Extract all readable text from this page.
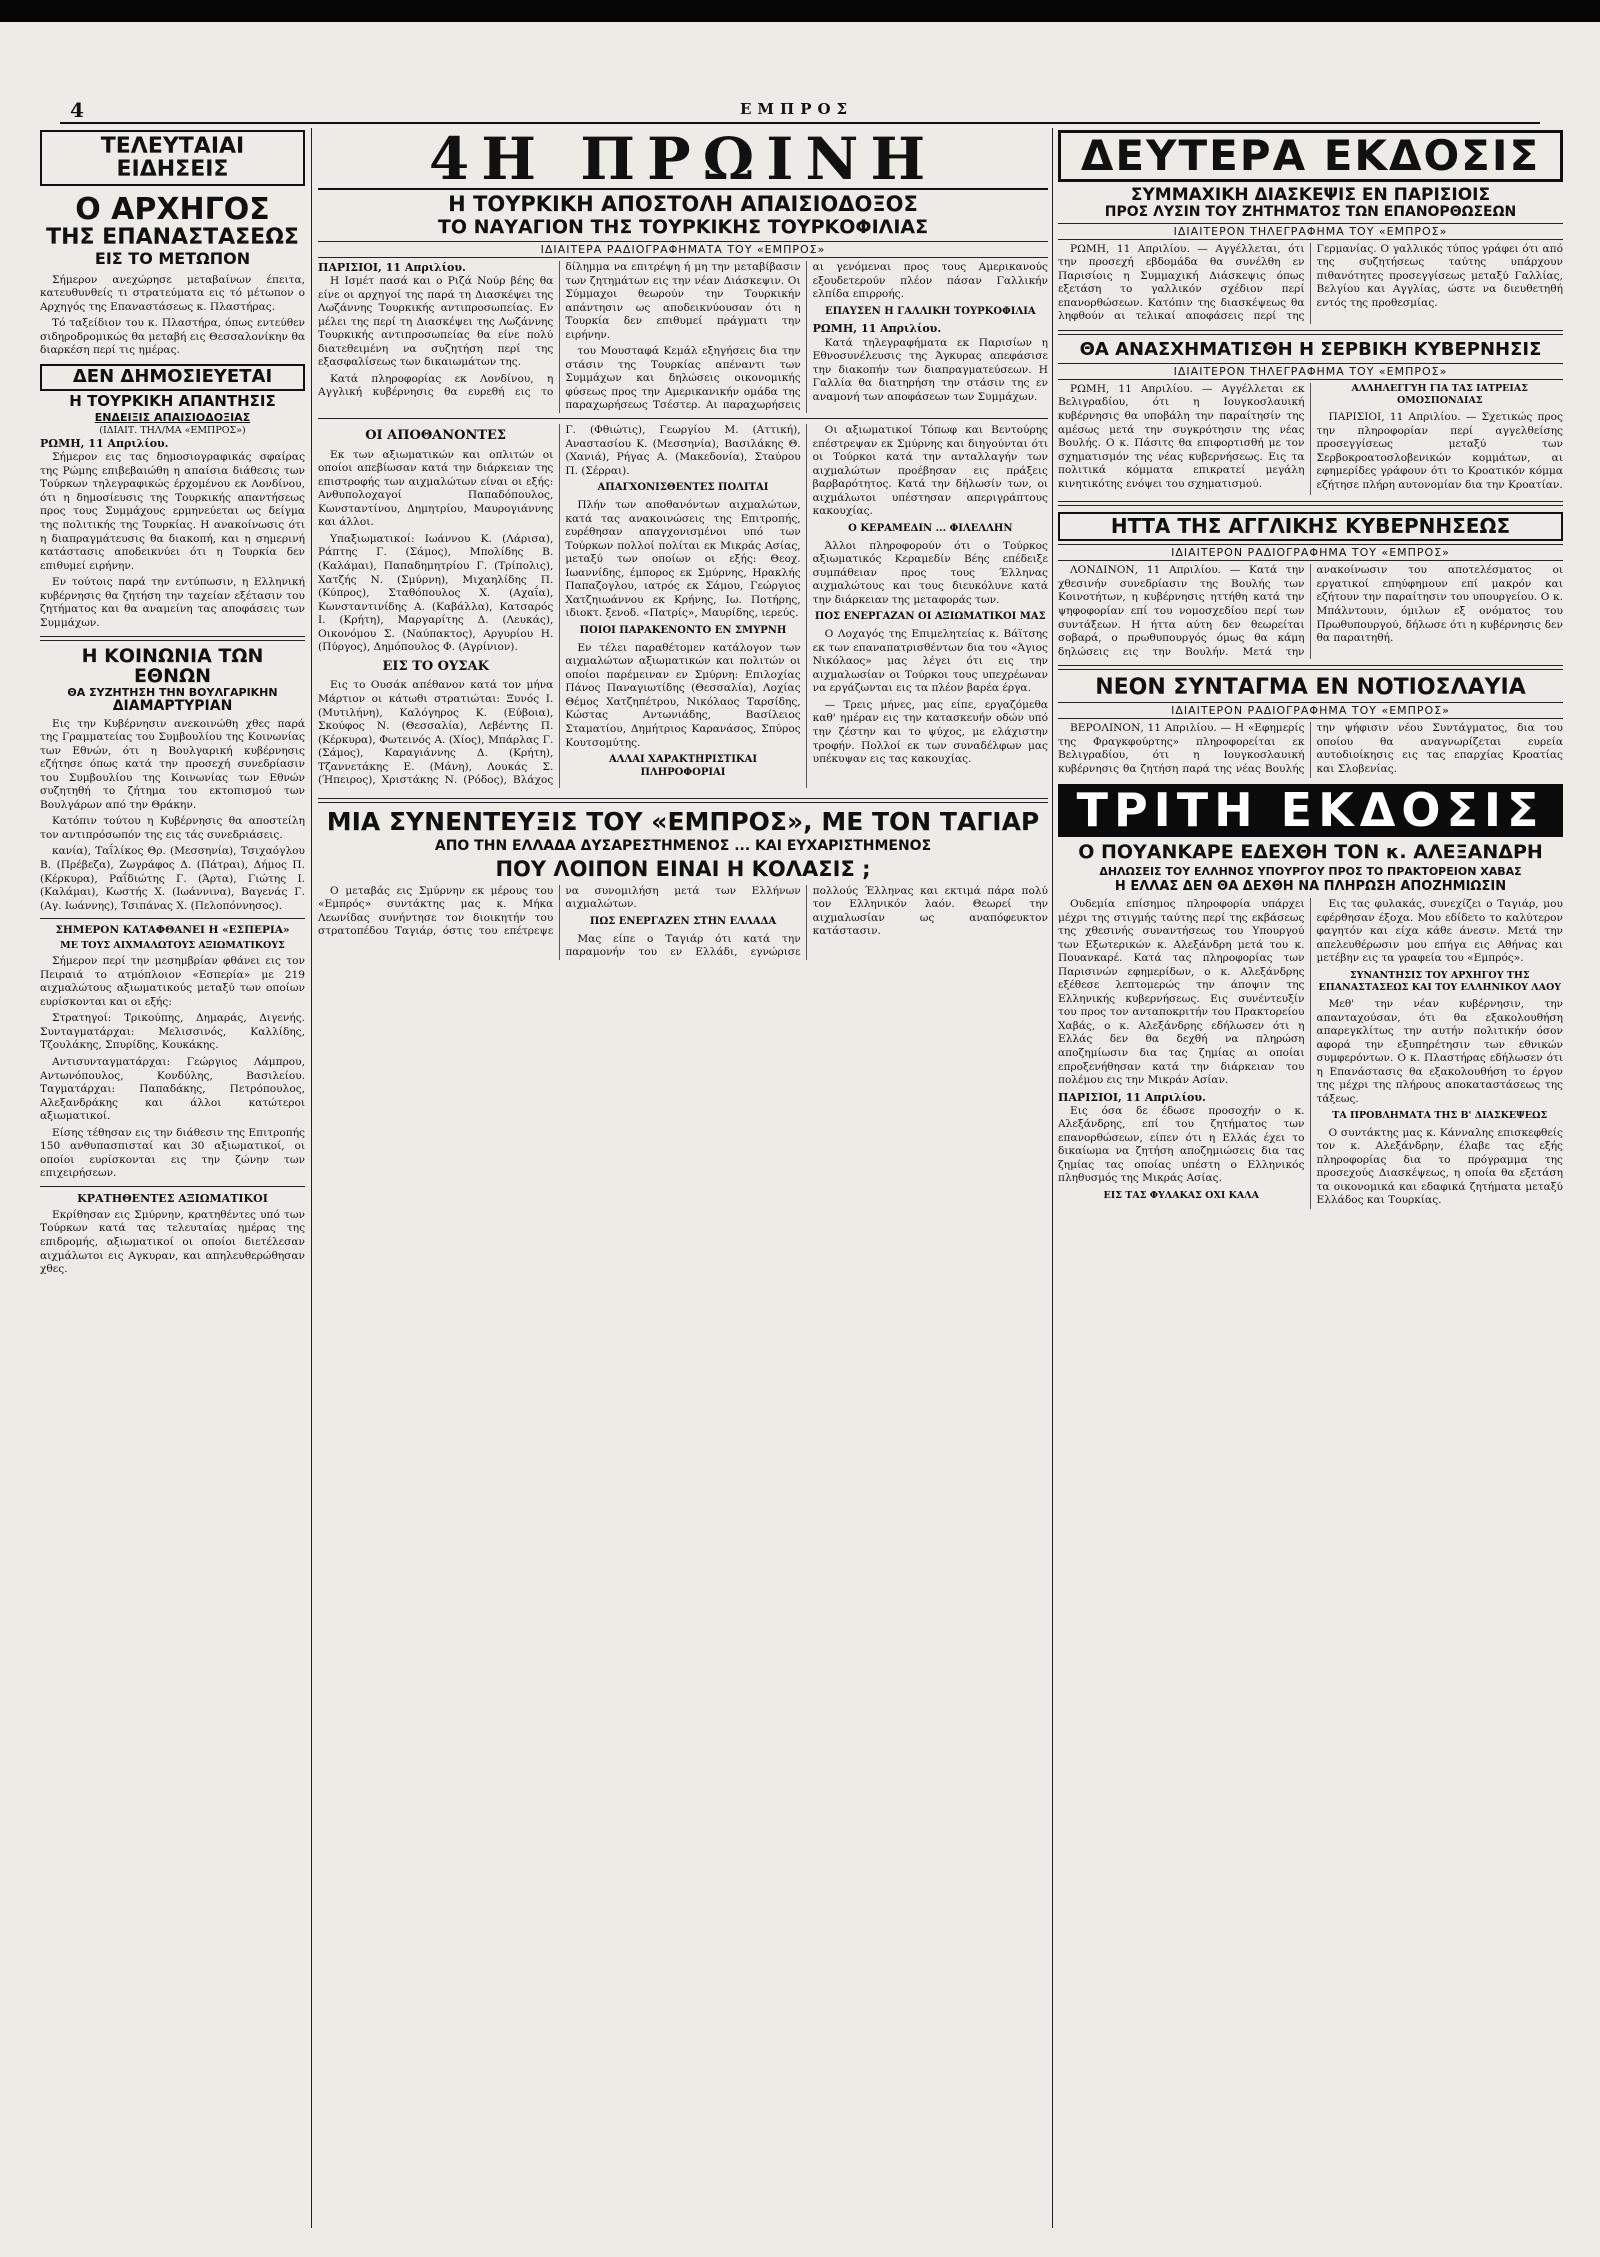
4	ΕΜΠΡΟΣ
ΤΕΛΕΥΤΑΙΑΙ ΕΙΔΗΣΕΙΣ
Ο ΑΡΧΗΓΟΣ
ΤΗΣ ΕΠΑΝΑΣΤΑΣΕΩΣ
ΕΙΣ ΤΟ ΜΕΤΩΠΟΝ

Σήμερον ανεχώρησε μεταβαίνων έπειτα, κατευθυνθείς τι στρατεύματα εις τό μέτωπον ο Αρχηγός της Επαναστάσεως κ. Πλαστήρας.

Τό ταξείδιον του κ. Πλαστήρα, όπως εντεύθεν σιδηροδρομικώς θα μεταβή εις Θεσσαλονίκην θα διαρκέση περί τις ημέρας.

ΔΕΝ ΔΗΜΟΣΙΕΥΕΤΑΙ
Η ΤΟΥΡΚΙΚΗ ΑΠΑΝΤΗΣΙΣ
ΕΝΔΕΙΞΙΣ ΑΠΑΙΣΙΟΔΟΞΙΑΣ
(ΙΔΙΑΙΤ. ΤΗΛ/ΜΑ «ΕΜΠΡΟΣ»)
ΡΩΜΗ, 11 Απριλίου.

Σήμερον εις τας δημοσιογραφικάς σφαίρας της Ρώμης επιβεβαιώθη η απαίσια διάθεσις των Τούρκων τηλεγραφικώς έρχομένου εκ Λονδίνου, ότι η δημοσίευσις της Τουρκικής απαντήσεως προς τους Συμμάχους ερμηνεύεται ως δείγμα της πολιτικής της Τουρκίας. Η ανακοίνωσις ότι η διαπραγμάτευσις θα διακοπή, και η σημερινή κατάστασις αποδεικνύει ότι η Τουρκία δεν επιθυμεί ειρήνην.

Εν τούτοις παρά την εντύπωσιν, η Ελληνική κυβέρνησις θα ζητήση την ταχείαν εξέτασιν του ζητήματος και θα αναμείνη τας αποφάσεις των Συμμάχων.

Η ΚΟΙΝΩΝΙΑ ΤΩΝ ΕΘΝΩΝ
ΘΑ ΣΥΖΗΤΗΣΗ ΤΗΝ ΒΟΥΛΓΑΡΙΚΗΝ
ΔΙΑΜΑΡΤΥΡΙΑΝ

Εις την Κυβέρνησιν ανεκοινώθη χθες παρά της Γραμματείας του Συμβουλίου της Κοινωνίας των Εθνών, ότι η Βουλγαρική κυβέρνησις εζήτησε όπως κατά την προσεχή συνεδρίασιν του Συμβουλίου της Κοινωνίας των Εθνών συζητηθή το ζήτημα του εκτοπισμού των Βουλγάρων από την Θράκην.

Κατόπιν τούτου η Κυβέρνησις θα αποστείλη τον αντιπρόσωπόν της εις τάς συνεδριάσεις.

κανία), Ταΐλίκος Θρ. (Μεσσηνία), Τσιχαόγλου Β. (Πρέβεζα), Ζωγράφος Δ. (Πάτραι), Δήμος Π. (Κέρκυρα), Ραΐδιώτης Γ. (Άρτα), Γιώτης Ι. (Καλάμαι), Κωστής Χ. (Ιωάννινα), Βαγενάς Γ. (Αγ. Ιωάννης), Τσιπάνας Χ. (Πελοπόννησος).

ΣΗΜΕΡΟΝ ΚΑΤΑΦΘΑΝΕΙ Η «ΕΣΠΕΡΙΑ»
ΜΕ ΤΟΥΣ ΑΙΧΜΑΛΩΤΟΥΣ ΑΞΙΩΜΑΤΙΚΟΥΣ

Σήμερον περί την μεσημβρίαν φθάνει εις τον Πειραιά το ατμόπλοιον «Εσπερία» με 219 αιχμαλώτους αξιωματικούς μεταξύ των οποίων ευρίσκονται και οι εξής:

Στρατηγοί: Τρικούπης, Δημαράς, Διγενής. Συνταγματάρχαι: Μελισσινός, Καλλίδης, Τζουλάκης, Σπυρίδης, Κουκάκης.

Αντισυνταγματάρχαι: Γεώργιος Λάμπρου, Αντωνόπουλος, Κονδύλης, Βασιλείου. Ταγματάρχαι: Παπαδάκης, Πετρόπουλος, Αλεξανδράκης και άλλοι κατώτεροι αξιωματικοί.

Είσης τέθησαν εις την διάθεσιν της Επιτροπής 150 ανθυπασπισταί και 30 αξιωματικοί, οι οποίοι ευρίσκονται εις την ζώνην των επιχειρήσεων.

ΚΡΑΤΗΘΕΝΤΕΣ ΑΞΙΩΜΑΤΙΚΟΙ

Εκρίθησαν εις Σμύρνην, κρατηθέντες υπό των Τούρκων κατά τας τελευταίας ημέρας της επιδρομής, αξιωματικοί οι οποίοι διετέλεσαν αιχμάλωτοι εις Αγκυραν, και απηλευθερώθησαν χθες.

4Η ΠΡΩΙΝΗ
Η ΤΟΥΡΚΙΚΗ ΑΠΟΣΤΟΛΗ ΑΠΑΙΣΙΟΔΟΞΟΣ
ΤΟ ΝΑΥΑΓΙΟΝ ΤΗΣ ΤΟΥΡΚΙΚΗΣ ΤΟΥΡΚΟΦΙΛΙΑΣ
ΙΔΙΑΙΤΕΡΑ ΡΑΔΙΟΓΡΑΦΗΜΑΤΑ ΤΟΥ «ΕΜΠΡΟΣ»
ΠΑΡΙΣΙΟΙ, 11 Απριλίου.

Η Ισμέτ πασά και ο Ριζά Νούρ βέης θα είνε οι αρχηγοί της παρά τη Διασκέψει της Λωζάννης Τουρκικής αντιπροσωπείας. Εν μέλει της περί τη Διασκέψει της Λωζάννης Τουρκικής αντιπροσωπείας θα είνε πολύ διατεθειμένη να συζητήση περί της εξασφαλίσεως των δικαιωμάτων της.

Κατά πληροφορίας εκ Λονδίνου, η Αγγλική κυβέρνησις θα ευρεθή εις το δίλημμα να επιτρέψη ή μη την μεταβίβασιν των ζητημάτων εις την νέαν Διάσκεψιν. Οι Σύμμαχοι θεωρούν την Τουρκικήν απάντησιν ως αποδεικνύουσαν ότι η Τουρκία δεν επιθυμεί πράγματι την ειρήνην.

του Μουσταφά Κεμάλ εξηγήσεις δια την στάσιν της Τουρκίας απέναντι των Συμμάχων και δηλώσεις οικονομικής φύσεως προς την Αμερικανικήν ομάδα της παραχωρήσεως Τσέστερ. Αι παραχωρήσεις αι γενόμεναι προς τους Αμερικανούς εξουδετερούν πλέον πάσαν Γαλλικήν ελπίδα επιρροής.

ΕΠΑΥΣΕΝ Η ΓΑΛΛΙΚΗ ΤΟΥΡΚΟΦΙΛΙΑ
ΡΩΜΗ, 11 Απριλίου.

Κατά τηλεγραφήματα εκ Παρισίων η Εθνοσυνέλευσις της Άγκυρας απεφάσισε την διακοπήν των διαπραγματεύσεων. Η Γαλλία θα διατηρήση την στάσιν της εν αναμονή των αποφάσεων των Συμμάχων.

ΟΙ ΑΠΟΘΑΝΟΝΤΕΣ

Εκ των αξιωματικών και οπλιτών οι οποίοι απεβίωσαν κατά την διάρκειαν της επιστροφής των αιχμαλώτων είναι οι εξής: Ανθυπολοχαγοί Παπαδόπουλος, Κωνσταντίνου, Δημητρίου, Μαυρογιάννης και άλλοι.

Υπαξιωματικοί: Ιωάννου Κ. (Λάρισα), Ράπτης Γ. (Σάμος), Μπολίδης Β. (Καλάμαι), Παπαδημητρίου Γ. (Τρίπολις), Χατζής Ν. (Σμύρνη), Μιχαηλίδης Π. (Κύπρος), Σταθόπουλος Χ. (Αχαΐα), Κωνσταντινίδης Α. (Καβάλλα), Κατσαρός Ι. (Κρήτη), Μαργαρίτης Δ. (Λευκάς), Οικονόμου Σ. (Ναύπακτος), Αργυρίου Η. (Πύργος), Δημόπουλος Φ. (Αγρίνιον).

ΕΙΣ ΤΟ ΟΥΣΑΚ

Εις το Ουσάκ απέθανον κατά τον μήνα Μάρτιον οι κάτωθι στρατιώται: Ξυνός Ι. (Μυτιλήνη), Καλόγηρος Κ. (Εύβοια), Σκούφος Ν. (Θεσσαλία), Λεβέντης Π. (Κέρκυρα), Φωτεινός Α. (Χίος), Μπάρλας Γ. (Σάμος), Καραγιάννης Δ. (Κρήτη), Τζαννετάκης Ε. (Μάνη), Λουκάς Σ. (Ήπειρος), Χριστάκης Ν. (Ρόδος), Βλάχος Γ. (Φθιώτις), Γεωργίου Μ. (Αττική), Αναστασίου Κ. (Μεσσηνία), Βασιλάκης Θ. (Χανιά), Ρήγας Α. (Μακεδονία), Σταύρου Π. (Σέρραι).

ΑΠΑΓΧΟΝΙΣΘΕΝΤΕΣ ΠΟΛΙΤΑΙ

Πλήν των αποθανόντων αιχμαλώτων, κατά τας ανακοινώσεις της Επιτροπής, ευρέθησαν απαγχονισμένοι υπό των Τούρκων πολλοί πολίται εκ Μικράς Ασίας, μεταξύ των οποίων οι εξής: Θεοχ. Ιωαννίδης, έμπορος εκ Σμύρνης, Ηρακλής Παπαζογλου, ιατρός εκ Σάμου, Γεώργιος Χατζηιωάννου εκ Κρήνης, Ιω. Ποτήρης, ιδιοκτ. ξενοδ. «Πατρίς», Μαυρίδης, ιερεύς.

ΠΟΙΟΙ ΠΑΡΑΚΕΝΟΝΤΟ ΕΝ ΣΜΥΡΝΗ

Εν τέλει παραθέτομεν κατάλογον των αιχμαλώτων αξιωματικών και πολιτών οι οποίοι παρέμειναν εν Σμύρνη: Επιλοχίας Πάνος Παναγιωτίδης (Θεσσαλία), Λοχίας Θέμος Χατζηπέτρου, Νικόλαος Ταρσίδης, Κώστας Αντωνιάδης, Βασίλειος Σταματίου, Δημήτριος Καρανάσος, Σπύρος Κουτσομύτης.

ΑΛΛΑΙ ΧΑΡΑΚΤΗΡΙΣΤΙΚΑΙ ΠΛΗΡΟΦΟΡΙΑΙ

Οι αξιωματικοί Τόπωφ και Βεντούρης επέστρεψαν εκ Σμύρνης και διηγούνται ότι οι Τούρκοι κατά την ανταλλαγήν των αιχμαλώτων προέβησαν εις πράξεις βαρβαρότητος. Κατά την δήλωσίν των, οι αιχμάλωτοι υπέστησαν απεριγράπτους κακουχίας.

Ο ΚΕΡΑΜΕΔΙΝ ... ΦΙΛΕΛΛΗΝ

Άλλοι πληροφορούν ότι ο Τούρκος αξιωματικός Κεραμεδίν Βέης επέδειξε συμπάθειαν προς τους Έλληνας αιχμαλώτους και τους διευκόλυνε κατά την διάρκειαν της μεταφοράς των.

ΠΟΣ ΕΝΕΡΓΑΖΑΝ ΟΙ ΑΞΙΩΜΑΤΙΚΟΙ ΜΑΣ

Ο Λοχαγός της Επιμελητείας κ. Βάϊτσης εκ των επαναπατρισθέντων δια του «Άγιος Νικόλαος» μας λέγει ότι εις την αιχμαλωσίαν οι Τούρκοι τους υπεχρέωναν να εργάζωνται εις τα πλέον βαρέα έργα.

— Τρεις μήνες, μας είπε, εργαζόμεθα καθ' ημέραν εις την κατασκευήν οδών υπό την ζέστην και το ψύχος, με ελάχιστην τροφήν. Πολλοί εκ των συναδέλφων μας υπέκυψαν εις τας κακουχίας.

ΜΙΑ ΣΥΝΕΝΤΕΥΞΙΣ ΤΟΥ «ΕΜΠΡΟΣ», ΜΕ ΤΟΝ ΤΑΓΙΑΡ
ΑΠΟ ΤΗΝ ΕΛΛΑΔΑ ΔΥΣΑΡΕΣΤΗΜΕΝΟΣ ... ΚΑΙ ΕΥΧΑΡΙΣΤΗΜΕΝΟΣ
ΠΟΥ ΛΟΙΠΟΝ ΕΙΝΑΙ Η ΚΟΛΑΣΙΣ ;

Ο μεταβάς εις Σμύρνην εκ μέρους του «Εμπρός» συντάκτης μας κ. Μήκα Λεωνίδας συνήντησε τον διοικητήν του στρατοπέδου Ταγιάρ, όστις του επέτρεψε να συνομιλήση μετά των Ελλήνων αιχμαλώτων.

ΠΩΣ ΕΝΕΡΓΑΖΕΝ ΣΤΗΝ ΕΛΛΑΔΑ

Μας είπε ο Ταγιάρ ότι κατά την παραμονήν του εν Ελλάδι, εγνώρισε πολλούς Έλληνας και εκτιμά πάρα πολύ τον Ελληνικόν λαόν. Θεωρεί την αιχμαλωσίαν ως αναπόφευκτον κατάστασιν.

ΔΕΥΤΕΡΑ ΕΚΔΟΣΙΣ
ΣΥΜΜΑΧΙΚΗ ΔΙΑΣΚΕΨΙΣ ΕΝ ΠΑΡΙΣΙΟΙΣ
ΠΡΟΣ ΛΥΣΙΝ ΤΟΥ ΖΗΤΗΜΑΤΟΣ ΤΩΝ ΕΠΑΝΟΡΘΩΣΕΩΝ
ΙΔΙΑΙΤΕΡΟΝ ΤΗΛΕΓΡΑΦΗΜΑ ΤΟΥ «ΕΜΠΡΟΣ»

ΡΩΜΗ, 11 Απριλίου. — Αγγέλλεται, ότι την προσεχή εβδομάδα θα συνέλθη εν Παρισίοις η Συμμαχική Διάσκεψις όπως εξετάση το γαλλικόν σχέδιον περί επανορθώσεων. Κατόπιν της διασκέψεως θα ληφθούν αι τελικαί αποφάσεις περί της Γερμανίας. Ο γαλλικός τύπος γράφει ότι από της συζητήσεως ταύτης υπάρχουν πιθανότητες προσεγγίσεως μεταξύ Γαλλίας, Βελγίου και Αγγλίας, ώστε να διευθετηθή εντός της προθεσμίας.

ΘΑ ΑΝΑΣΧΗΜΑΤΙΣΘΗ Η ΣΕΡΒΙΚΗ ΚΥΒΕΡΝΗΣΙΣ
ΙΔΙΑΙΤΕΡΟΝ ΤΗΛΕΓΡΑΦΗΜΑ ΤΟΥ «ΕΜΠΡΟΣ»

ΡΩΜΗ, 11 Απριλίου. — Αγγέλλεται εκ Βελιγραδίου, ότι η Ιουγκοσλαυική κυβέρνησις θα υποβάλη την παραίτησίν της αμέσως μετά την συγκρότησιν της νέας Βουλής. Ο κ. Πάσιτς θα επιφορτισθή με τον σχηματισμόν της νέας κυβερνήσεως. Εις τα πολιτικά κόμματα επικρατεί μεγάλη κινητικότης ενόψει του σχηματισμού.

ΑΛΛΗΛΕΓΓΥΗ ΓΙΑ ΤΑΣ ΙΑΤΡΕΙΑΣ ΟΜΟΣΠΟΝΔΙΑΣ

ΠΑΡΙΣΙΟΙ, 11 Απριλίου. — Σχετικώς προς την πληροφορίαν περί αγγελθείσης προσεγγίσεως μεταξύ των Σερβοκροατοσλοβενικών κομμάτων, αι εφημερίδες γράφουν ότι το Κροατικόν κόμμα εζήτησε πλήρη αυτονομίαν δια την Κροατίαν.

ΗΤΤΑ ΤΗΣ ΑΓΓΛΙΚΗΣ ΚΥΒΕΡΝΗΣΕΩΣ
ΙΔΙΑΙΤΕΡΟΝ ΡΑΔΙΟΓΡΑΦΗΜΑ ΤΟΥ «ΕΜΠΡΟΣ»

ΛΟΝΔΙΝΟΝ, 11 Απριλίου. — Κατά την χθεσινήν συνεδρίασιν της Βουλής των Κοινοτήτων, η κυβέρνησις ηττήθη κατά την ψηφοφορίαν επί του νομοσχεδίου περί των συντάξεων. Η ήττα αύτη δεν θεωρείται σοβαρά, ο πρωθυπουργός όμως θα κάμη δηλώσεις εις την Βουλήν. Μετά την ανακοίνωσιν του αποτελέσματος οι εργατικοί επηύφημουν επί μακρόν και εζήτουν την παραίτησιν του υπουργείου. Ο κ. Μπάλντουιν, όμιλων εξ ονόματος του Πρωθυπουργού, δήλωσε ότι η κυβέρνησις δεν θα παραιτηθή.

ΝΕΟΝ ΣΥΝΤΑΓΜΑ ΕΝ ΝΟΤΙΟΣΛΑΥΙΑ
ΙΔΙΑΙΤΕΡΟΝ ΡΑΔΙΟΓΡΑΦΗΜΑ ΤΟΥ «ΕΜΠΡΟΣ»

ΒΕΡΟΛΙΝΟΝ, 11 Απριλίου. — Η «Εφημερίς της Φραγκφούρτης» πληροφορείται εκ Βελιγραδίου, ότι η Ιουγκοσλαυική κυβέρνησις θα ζητήση παρά της νέας Βουλής την ψήφισιν νέου Συντάγματος, δια του οποίου θα αναγνωρίζεται ευρεία αυτοδιοίκησις εις τας επαρχίας Κροατίας και Σλοβενίας.

ΤΡΙΤΗ ΕΚΔΟΣΙΣ
Ο ΠΟΥΑΝΚΑΡΕ ΕΔΕΧΘΗ ΤΟΝ κ. ΑΛΕΞΑΝΔΡΗ
ΔΗΛΩΣΕΙΣ ΤΟΥ ΕΛΛΗΝΟΣ ΥΠΟΥΡΓΟΥ ΠΡΟΣ ΤΟ ΠΡΑΚΤΟΡΕΙΟΝ ΧΑΒΑΣ
Η ΕΛΛΑΣ ΔΕΝ ΘΑ ΔΕΧΘΗ ΝΑ ΠΛΗΡΩΣΗ ΑΠΟΖΗΜΙΩΣΙΝ

Ουδεμία επίσημος πληροφορία υπάρχει μέχρι της στιγμής ταύτης περί της εκβάσεως της χθεσινής συναντήσεως του Υπουργού των Εξωτερικών κ. Αλεξάνδρη μετά του κ. Πουανκαρέ. Κατά τας πληροφορίας των Παρισινών εφημερίδων, ο κ. Αλεξάνδρης εξέθεσε λεπτομερώς την άποψιν της Ελληνικής κυβερνήσεως. Εις συνέντευξίν του προς τον ανταποκριτήν του Πρακτορείου Χαβάς, ο κ. Αλεξάνδρης εδήλωσεν ότι η Ελλάς δεν θα δεχθή να πληρώση αποζημίωσιν δια τας ζημίας αι οποίαι επροξενήθησαν κατά την διάρκειαν του πολέμου εις την Μικράν Ασίαν.

ΠΑΡΙΣΙΟΙ, 11 Απριλίου.

Εις όσα δε έδωσε προσοχήν ο κ. Αλεξάνδρης, επί του ζητήματος των επανορθώσεων, είπεν ότι η Ελλάς έχει το δικαίωμα να ζητήση αποζημιώσεις δια τας ζημίας τας οποίας υπέστη ο Ελληνικός πληθυσμός της Μικράς Ασίας.

ΕΙΣ ΤΑΣ ΦΥΛΑΚΑΣ ΟΧΙ ΚΑΛΑ

Εις τας φυλακάς, συνεχίζει ο Ταγιάρ, μου εφέρθησαν έξοχα. Μου εδίδετο το καλύτερον φαγητόν και είχα κάθε άνεσιν. Μετά την απελευθέρωσιν μου επήγα εις Αθήνας και μετέβην εις τα γραφεία του «Εμπρός».

ΣΥΝΑΝΤΗΣΙΣ ΤΟΥ ΑΡΧΗΓΟΥ ΤΗΣ ΕΠΑΝΑΣΤΑΣΕΩΣ ΚΑΙ ΤΟΥ ΕΛΛΗΝΙΚΟΥ ΛΑΟΥ

Μεθ' την νέαν κυβέρνησιν, την απανταχούσαν, ότι θα εξακολουθήση απαρεγκλίτως την αυτήν πολιτικήν όσον αφορά την εξυπηρέτησιν των εθνικών συμφερόντων. Ο κ. Πλαστήρας εδήλωσεν ότι η Επανάστασις θα εξακολουθήση το έργον της μέχρι της πλήρους αποκαταστάσεως της τάξεως.

ΤΑ ΠΡΟΒΛΗΜΑΤΑ ΤΗΣ Β' ΔΙΑΣΚΕΨΕΩΣ

Ο συντάκτης μας κ. Κάνναλης επισκεφθείς τον κ. Αλεξάνδρην, έλαβε τας εξής πληροφορίας δια το πρόγραμμα της προσεχούς Διασκέψεως, η οποία θα εξετάση τα οικονομικά και εδαφικά ζητήματα μεταξύ Ελλάδος και Τουρκίας.
